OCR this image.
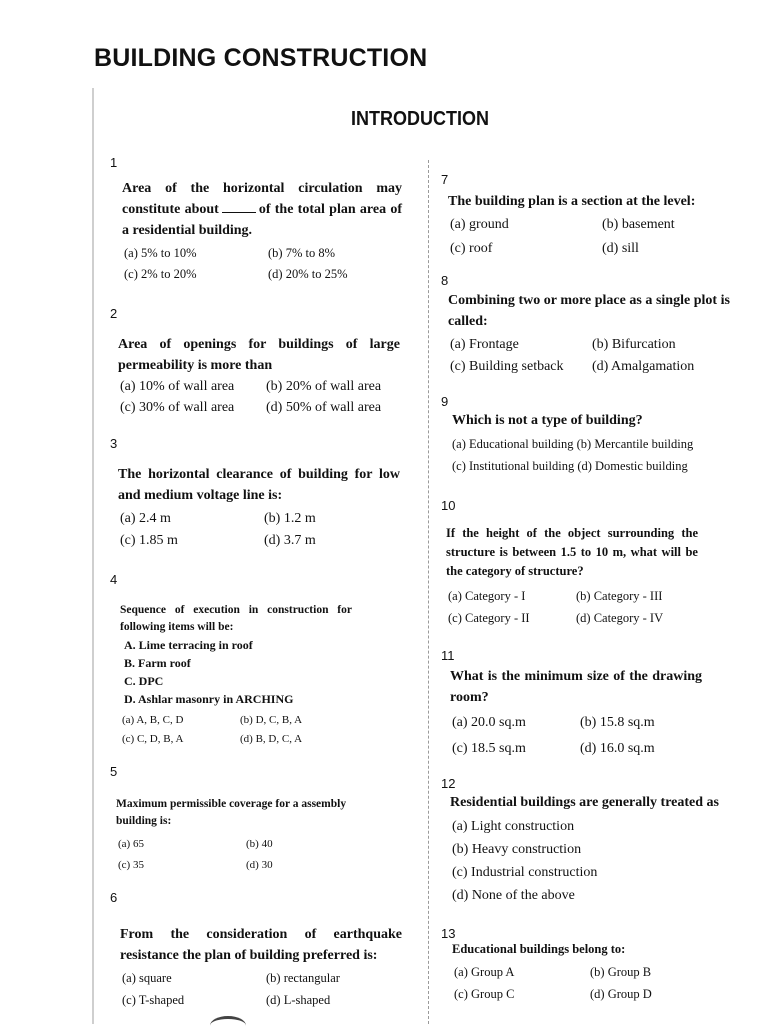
BUILDING CONSTRUCTION
INTRODUCTION
1
Area of the horizontal circulation may constitute about	of the total plan area of a residential building.
(a) 5% to 10%	(b) 7% to 8%
(c) 2% to 20%	(d) 20% to 25%
2
Area of openings for buildings of large permeability is more than
(a) 10% of wall area (b) 20% of wall area
(c) 30% of wall area (d) 50% of wall area
3
The horizontal clearance of building for low and medium voltage line is:
(a) 2.4 m	(b) 1.2 m
(c) 1.85 m	(d) 3.7 m
4
Sequence of execution in construction for following items will be:
A. Lime terracing in roof
B. Farm roof
C. DPC
D. Ashlar masonry in ARCHING
(a) A, B, C, D	(b) D, C, B, A
(c) C, D, B, A	(d) B, D, C, A
5
Maximum permissible coverage for a assembly building is:
(a) 65	(b) 40
(c) 35	(d) 30
6
From the consideration of earthquake resistance the plan of building preferred is:
(a) square	(b) rectangular
(c) T-shaped	(d) L-shaped
7
The building plan is a section at the level:
(a) ground	(b) basement
(c) roof	(d) sill
8
Combining two or more place as a single plot is called:
(a) Frontage	(b) Bifurcation
(c) Building setback (d) Amalgamation
9
Which is not a type of building?
(a) Educational building (b) Mercantile building
(c) Institutional building (d) Domestic building
10
If the height of the object surrounding the structure is between 1.5 to 10 m, what will be the category of structure?
(a) Category - I	(b) Category - III
(c) Category - II	(d) Category - IV
11
What is the minimum size of the drawing room?
(a) 20.0 sq.m	(b) 15.8 sq.m
(c) 18.5 sq.m	(d) 16.0 sq.m
12
Residential buildings are generally treated as
(a) Light construction
(b) Heavy construction
(c) Industrial construction
(d) None of the above
13
Educational buildings belong to:
(a) Group A	(b) Group B
(c) Group C	(d) Group D
